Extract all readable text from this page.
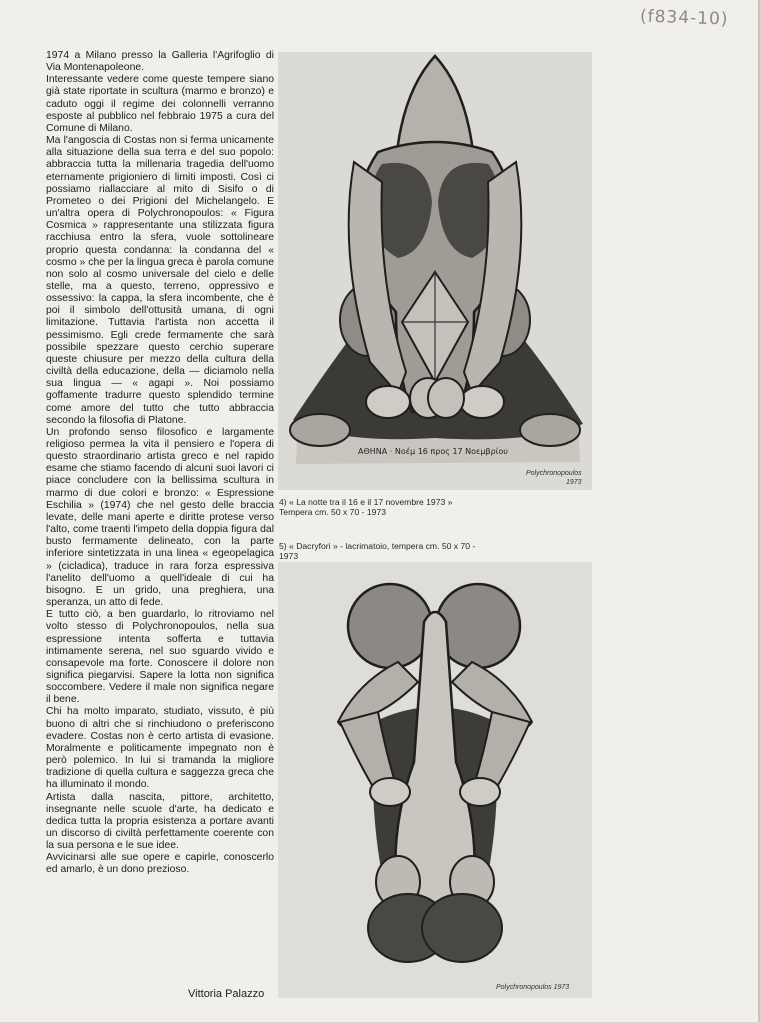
(f834-10)

1974 a Milano presso la Galleria l'Agrifoglio di Via Montenapoleone.

Interessante vedere come queste tempere siano già state riportate in scultura (marmo e bronzo) e caduto oggi il regime dei colonnelli verranno esposte al pubblico nel febbraio 1975 a cura del Comune di Milano.

Ma l'angoscia di Costas non si ferma unicamente alla situazione della sua terra e del suo popolo: abbraccia tutta la millenaria tragedia dell'uomo eternamente prigioniero di limiti imposti. Così ci possiamo riallacciare al mito di Sisifo o di Prometeo o dei Prigioni del Michelangelo. E un'altra opera di Polychronopoulos: « Figura Cosmica » rappresentante una stilizzata figura racchiusa entro la sfera, vuole sottolineare proprio questa condanna: la condanna del « cosmo » che per la lingua greca è parola comune non solo al cosmo universale del cielo e delle stelle, ma a questo, terreno, oppressivo e ossessivo: la cappa, la sfera incombente, che è poi il simbolo dell'ottusità umana, di ogni limitazione. Tuttavia l'artista non accetta il pessimismo. Egli crede fermamente che sarà possibile spezzare questo cerchio superare queste chiusure per mezzo della cultura della civiltà della educazione, della — diciamolo nella sua lingua — « agapi ». Noi possiamo goffamente tradurre questo splendido termine come amore del tutto che tutto abbraccia secondo la filosofia di Platone.

Un profondo senso filosofico e largamente religioso permea la vita il pensiero e l'opera di questo straordinario artista greco e nel rapido esame che stiamo facendo di alcuni suoi lavori ci piace concludere con la bellissima scultura in marmo di due colori e bronzo: « Espressione Eschilia » (1974) che nel gesto delle braccia levate, delle mani aperte e diritte protese verso l'alto, come traenti l'impeto della doppia figura dal busto fermamente delineato, con la parte inferiore sintetizzata in una linea « egeopelagica » (cicladica), traduce in rara forza espressiva l'anelito dell'uomo a quell'ideale di cui ha bisogno. E un grido, una preghiera, una speranza, un atto di fede.

E tutto ciò, a ben guardarlo, lo ritroviamo nel volto stesso di Polychronopoulos, nella sua espressione intenta sofferta e tuttavia intimamente serena, nel suo sguardo vivido e consapevole ma forte. Conoscere il dolore non significa piegarvisi. Sapere la lotta non significa soccombere. Vedere il male non significa negare il bene.

Chi ha molto imparato, studiato, vissuto, è più buono di altri che si rinchiudono o preferiscono evadere. Costas non è certo artista di evasione. Moralmente e politicamente impegnato non è però polemico. In lui si tramanda la migliore tradizione di quella cultura e saggezza greca che ha illuminato il mondo.

Artista dalla nascita, pittore, architetto, insegnante nelle scuole d'arte, ha dedicato e dedica tutta la propria esistenza a portare avanti un discorso di civiltà perfettamente coerente con la sua persona e le sue idee.

Avvicinarsi alle sue opere e capirle, conoscerlo ed amarlo, è un dono prezioso.

Vittoria Palazzo
ΑΘΗΝΑ · Νοέμ 16 προς 17 Νοεμβρίου
Polychronopoulos
1973
4) « La notte tra il 16 e il 17 novembre 1973 »
Tempera cm. 50 x 70 - 1973
5) « Dacryfori » - lacrimatoio, tempera cm. 50 x 70 -
1973
Polychronopoulos 1973
